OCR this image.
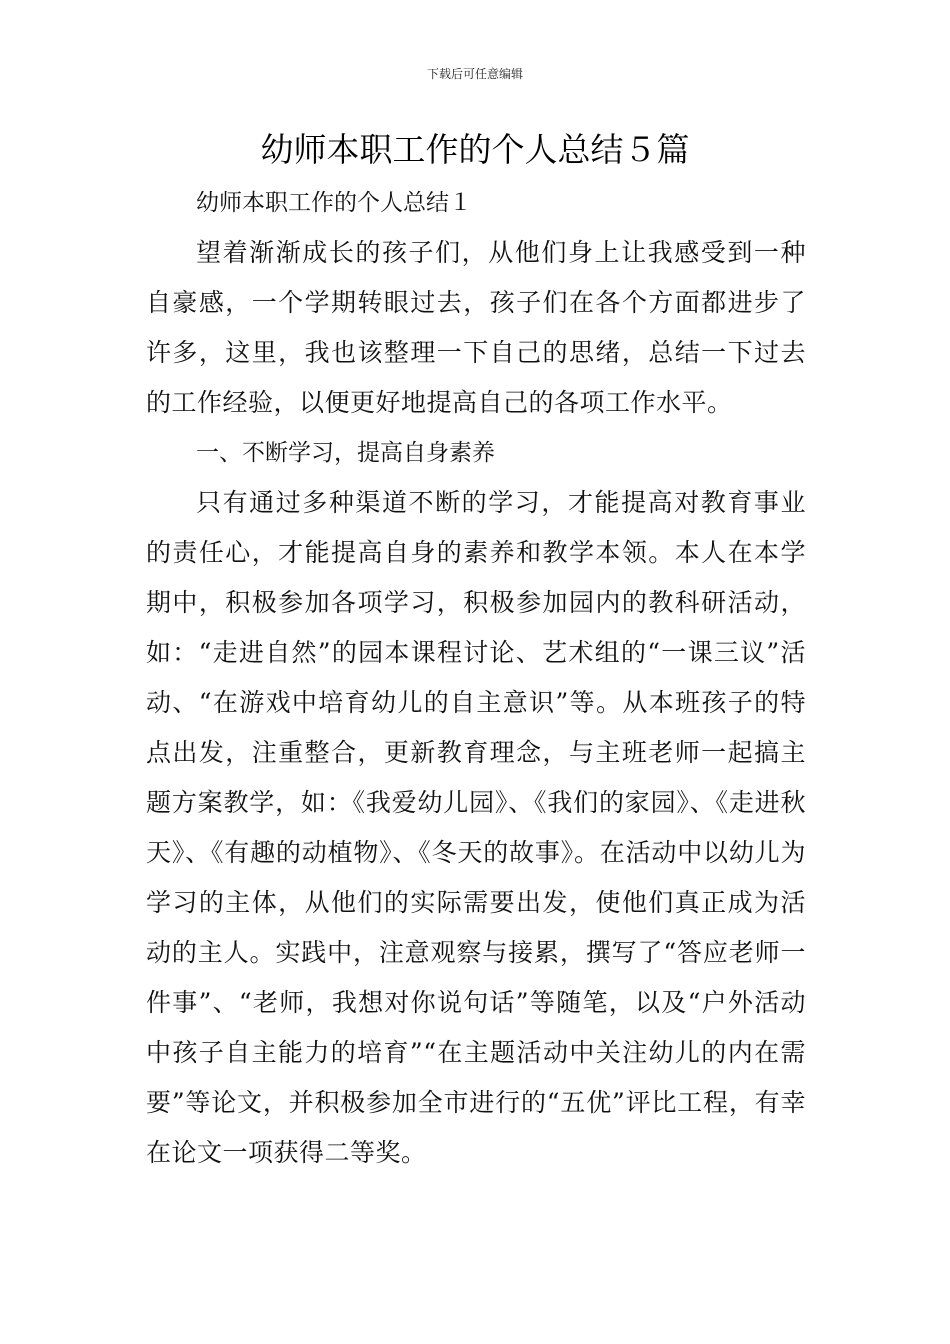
下载后可任意编辑
幼师本职工作的个人总结５篇

幼师本职工作的个人总结１

望着渐渐成长的孩子们，从他们身上让我感受到一种自豪感，一个学期转眼过去，孩子们在各个方面都进步了许多，这里，我也该整理一下自己的思绪，总结一下过去的工作经验，以便更好地提高自己的各项工作水平。

一、不断学习，提高自身素养

只有通过多种渠道不断的学习，才能提高对教育事业的责任心，才能提高自身的素养和教学本领。本人在本学期中，积极参加各项学习，积极参加园内的教科研活动，如：“走进自然”的园本课程讨论、艺术组的“一课三议”活动、“在游戏中培育幼儿的自主意识”等。从本班孩子的特点出发，注重整合，更新教育理念，与主班老师一起搞主题方案教学，如：《我爱幼儿园》、《我们的家园》、《走进秋天》、《有趣的动植物》、《冬天的故事》。在活动中以幼儿为学习的主体，从他们的实际需要出发，使他们真正成为活动的主人。实践中，注意观察与接累，撰写了“答应老师一件事”、“老师，我想对你说句话”等随笔，以及“户外活动中孩子自主能力的培育”“在主题活动中关注幼儿的内在需要”等论文，并积极参加全市进行的“五优”评比工程，有幸在论文一项获得二等奖。
